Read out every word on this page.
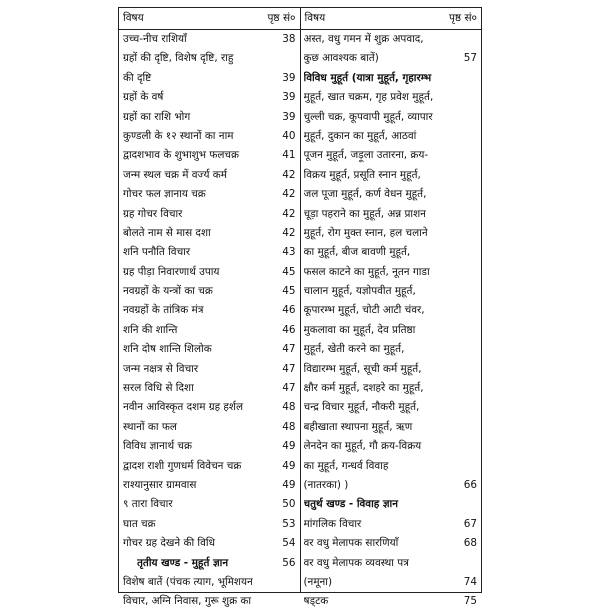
विषय	पृष्ठ सं०
उच्च-नीच राशियाँ	38
ग्रहों की दृष्टि, विशेष दृष्टि, राहु
की दृष्टि	39
ग्रहों के वर्ष	39
ग्रहों का राशि भोग	39
कुण्डली के १२ स्थानों का नाम	40
द्वादशभाव के शुभाशुभ फलचक्र	41
जन्म स्थल चक्र में वर्ज्य कर्म	42
गोचर फल ज्ञानाय चक्र	42
ग्रह गोचर विचार	42
बोलते नाम से मास दशा	42
शनि पनौति विचार	43
ग्रह पीड़ा निवारणार्थ उपाय	45
नवग्रहों के यन्त्रों का चक्र	45
नवग्रहों के तांत्रिक मंत्र	46
शनि की शान्ति	46
शनि दोष शान्ति शिलोक	47
जन्म नक्षत्र से विचार	47
सरल विधि से दिशा	47
नवीन आविस्कृत दशम ग्रह हर्शल	48
स्थानों का फल	48
विविध ज्ञानार्थ चक्र	49
द्वादश राशी गुणधर्म विवेचन चक्र	49
राश्यानुसार ग्रामवास	49
९ तारा विचार	50
घात चक्र	53
गोचर ग्रह देखने की विधि	54
तृतीय खण्ड - मुहूर्त ज्ञान	56
विशेष बातें (पंचक त्याग, भूमिशयन
विचार, अग्नि निवास, गुरू शुक्र का
विषय	पृष्ठ सं०
अस्त, वधु गमन में शुक्र अपवाद,
कुछ आवश्यक बातें)	57
विविध मुहूर्त (यात्रा मुहूर्त, गृहारम्भ
मुहूर्त, खात चक्रम, गृह प्रवेश मुहूर्त,
चुल्ली चक्र, कूपवापी मुहूर्त, व्यापार
मुहूर्त, दुकान का मुहूर्त, आठवां
पूजन मुहूर्त, जड़ूला उतारना, क्रय-
विक्रय मुहूर्त, प्रसूति स्नान मुहूर्त,
जल पूजा मुहूर्त, कर्ण वेधन मुहूर्त,
चूड़ा पहराने का मुहूर्त, अन्न प्राशन
मुहूर्त, रोग मुक्त स्नान, हल चलाने
का मुहूर्त, बीज बावणी मुहूर्त,
फसल काटने का मुहूर्त, नूतन गाडा
चालान मुहूर्त, यज्ञोपवीत मुहूर्त,
कूपारम्भ मुहूर्त, चोटी आटी चंवर,
मुकलावा का मुहूर्त, देव प्रतिष्ठा
मुहूर्त, खेती करने का मुहूर्त,
विद्यारम्भ मुहूर्त, सूची कर्म मुहूर्त,
क्षौर कर्म मुहूर्त, दशहरे का मुहूर्त,
चन्द्र विचार मुहूर्त, नौकरी मुहूर्त,
बहीखाता स्थापना मुहूर्त, ऋण
लेनदेन का मुहूर्त, गौ क्रय-विक्रय
का मुहूर्त, गन्धर्व विवाह
(नातरका) )	66
चतुर्थ खण्ड - विवाह ज्ञान
मांगलिक विचार	67
वर वधु मेलापक सारणियाँ	68
वर वधु मेलापक व्यवस्था पत्र
(नमूना)	74
षड्टक	75
